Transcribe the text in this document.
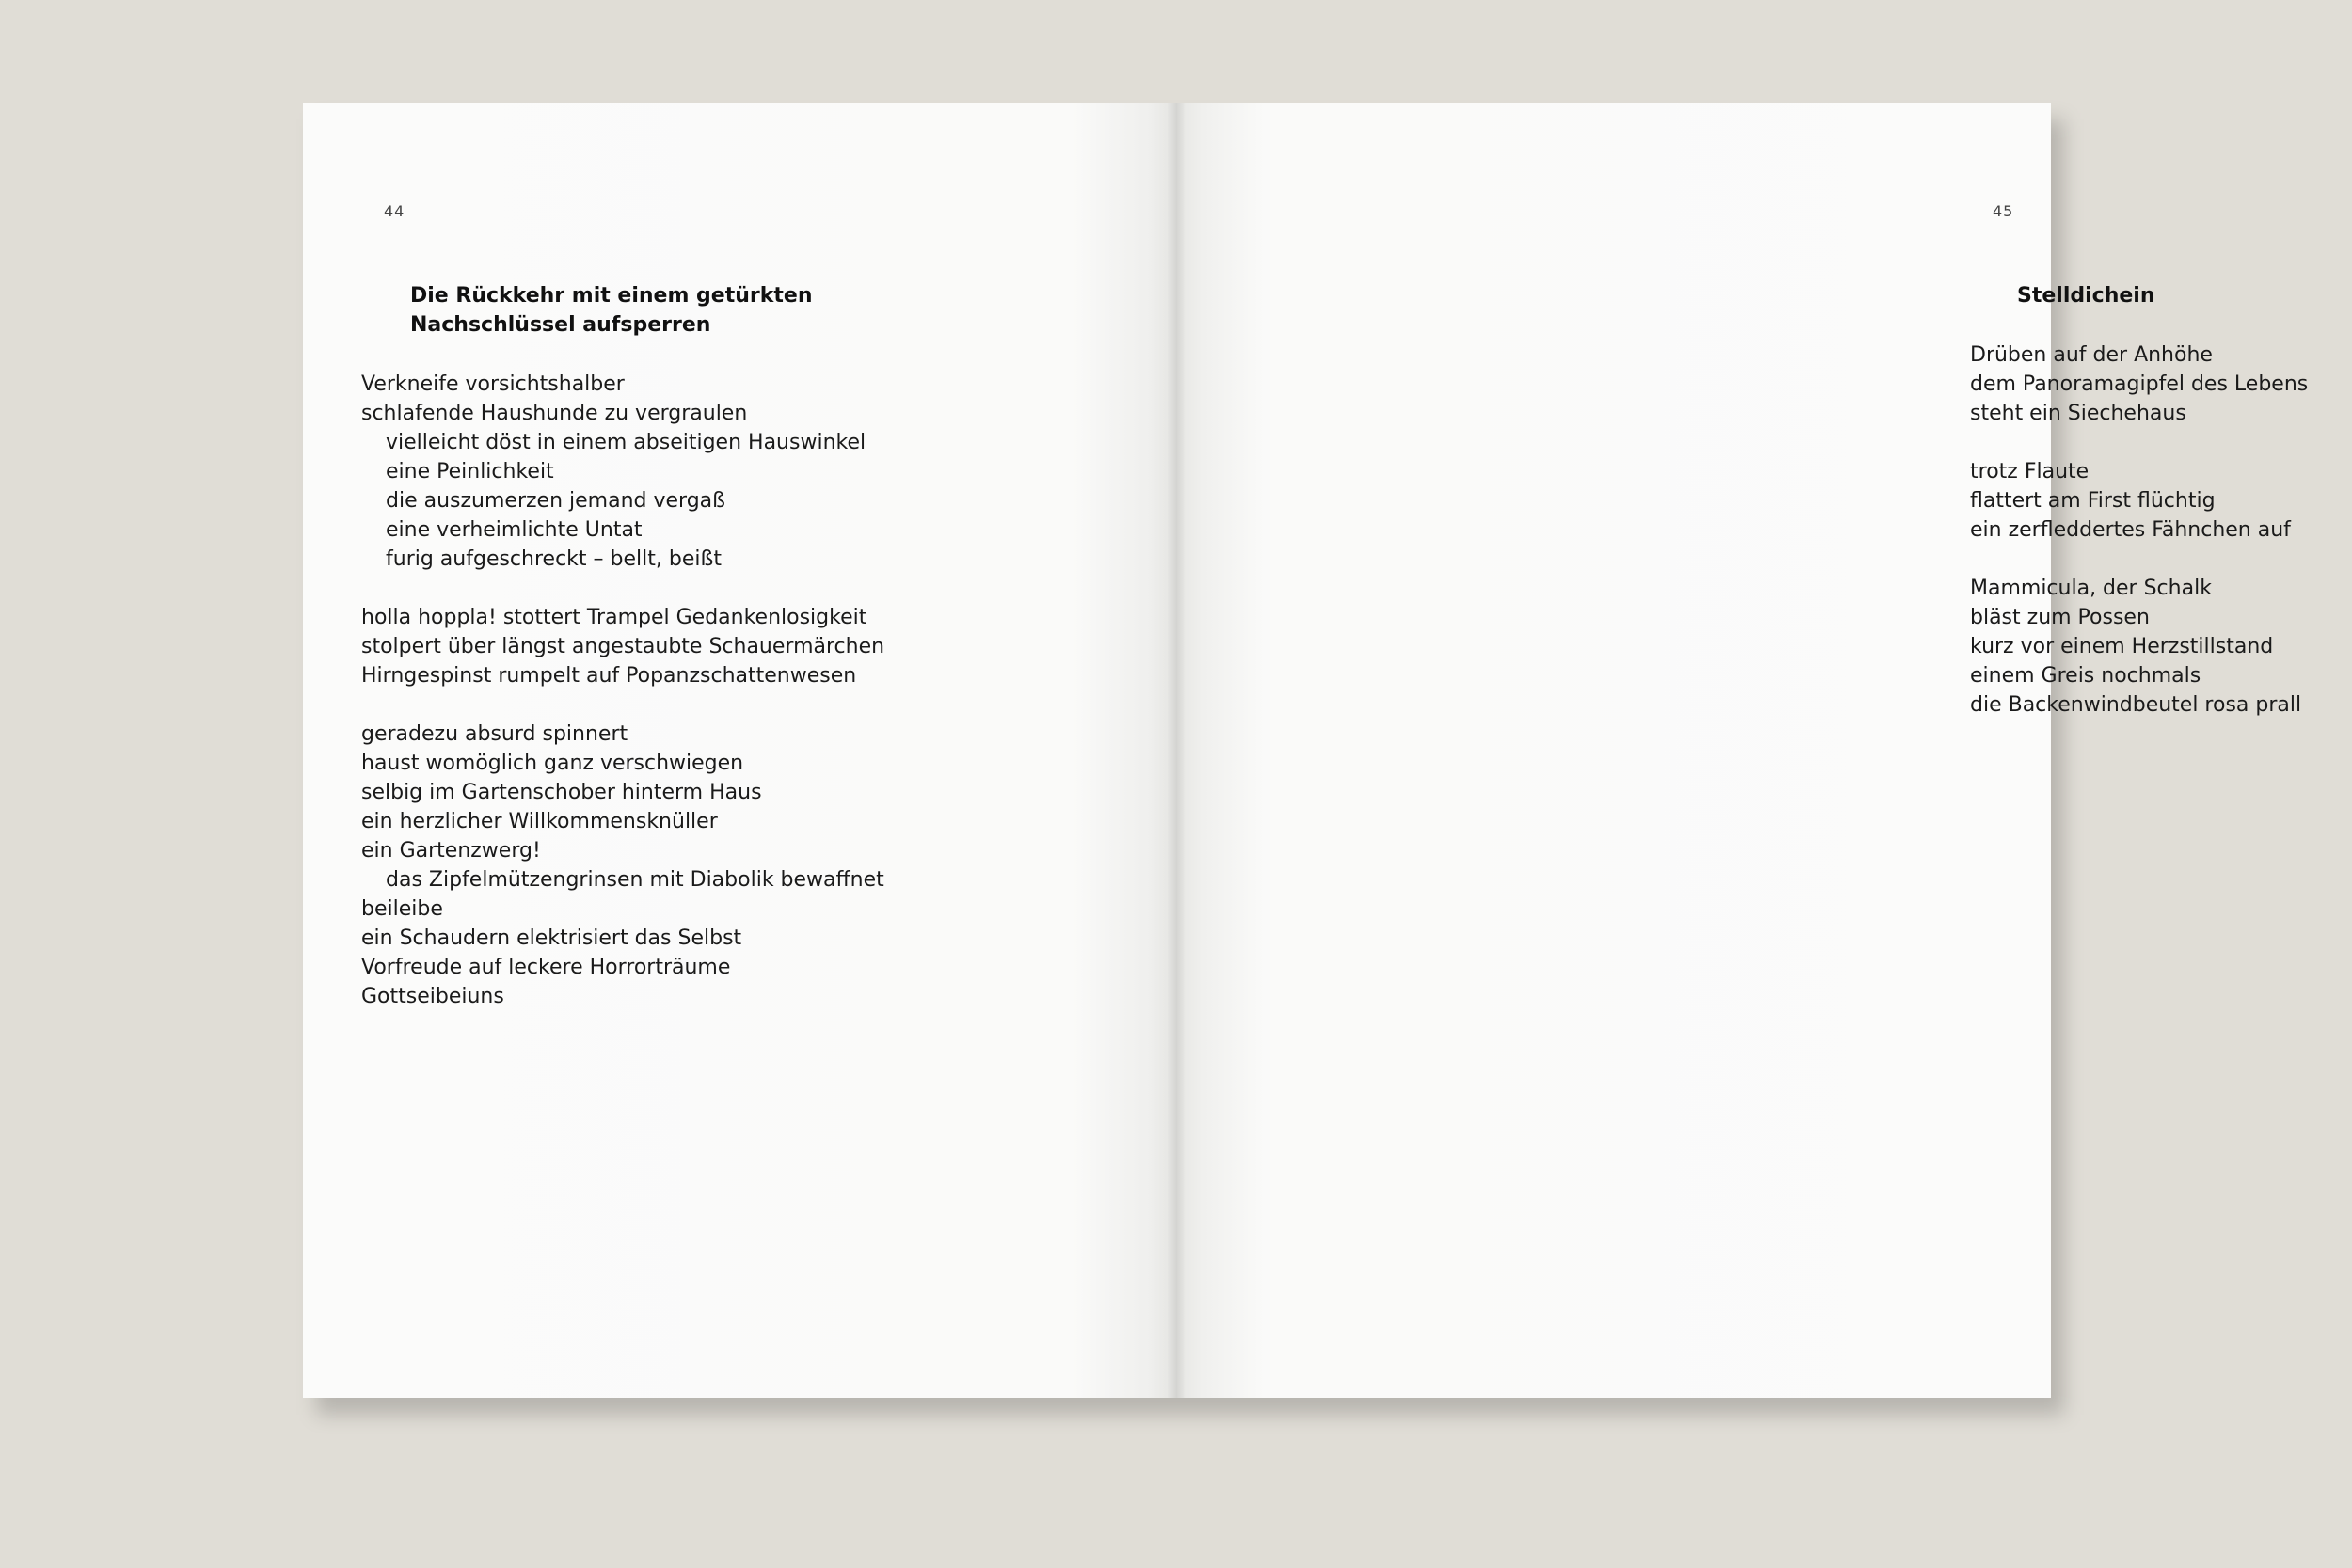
44
Die Rückkehr mit einem getürkten
Nachschlüssel aufsperren

Verkneife vorsichtshalber
schlafende Haushunde zu vergraulen
vielleicht döst in einem abseitigen Hauswinkel
eine Peinlichkeit
die auszumerzen jemand vergaß
eine verheimlichte Untat
furig aufgeschreckt – bellt, beißt

holla hoppla! stottert Trampel Gedankenlosigkeit
stolpert über längst angestaubte Schauermärchen
Hirngespinst rumpelt auf Popanzschattenwesen

geradezu absurd spinnert
haust womöglich ganz verschwiegen
selbig im Gartenschober hinterm Haus
ein herzlicher Willkommensknüller
ein Gartenzwerg!
das Zipfelmützengrinsen mit Diabolik bewaffnet
beileibe
ein Schaudern elektrisiert das Selbst
Vorfreude auf leckere Horrorträume
Gottseibeiuns

45
Stelldichein

Drüben auf der Anhöhe
dem Panoramagipfel des Lebens
steht ein Siechehaus

trotz Flaute
flattert am First flüchtig
ein zerfleddertes Fähnchen auf

Mammicula, der Schalk
bläst zum Possen
kurz vor einem Herzstillstand
einem Greis nochmals
die Backenwindbeutel rosa prall
